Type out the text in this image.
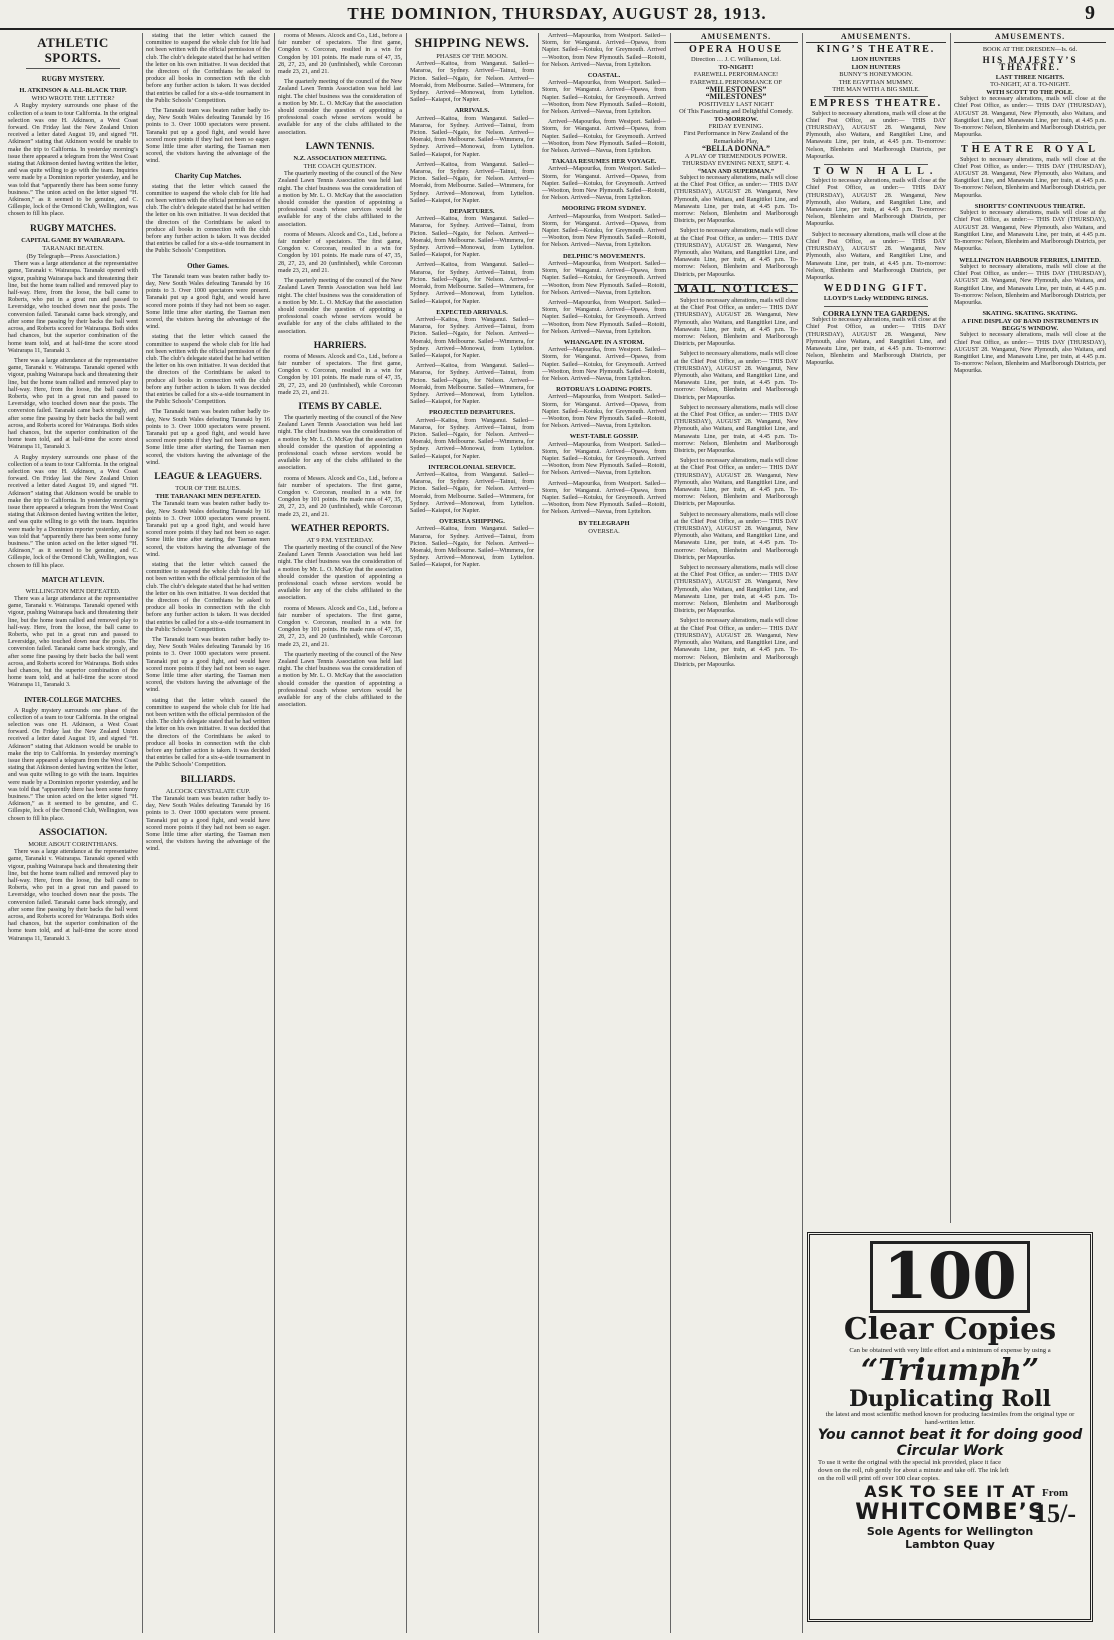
THE DOMINION, THURSDAY, AUGUST 28, 1913.	9
ATHLETIC SPORTS.
RUGBY MYSTERY.
H. ATKINSON & ALL-BLACK TRIP.
WHO WROTE THE LETTER?

A Rugby mystery surrounds one phase of the collection of a team to tour California. In the original selection was one H. Atkinson, a West Coast forward. On Friday last the New Zealand Union received a letter dated August 19, and signed “H. Atkinson” stating that Atkinson would be unable to make the trip to California. In yesterday morning’s issue there appeared a telegram from the West Coast stating that Atkinson denied having written the letter, and was quite willing to go with the team. Inquiries were made by a Dominion reporter yesterday, and he was told that “apparently there has been some funny business.” The union acted on the letter signed “H. Atkinson,” as it seemed to be genuine, and C. Gillespie, lock of the Ormond Club, Wellington, was chosen to fill his place.

RUGBY MATCHES.
CAPITAL GAME BY WAIRARAPA.
TARANAKI BEATEN.
(By Telegraph—Press Association.)

There was a large attendance at the representative game, Taranaki v. Wairarapa. Taranaki opened with vigour, pushing Wairarapa back and threatening their line, but the home team rallied and removed play to half-way. Here, from the loose, the ball came to Roberts, who put in a great run and passed to Leversidge, who touched down near the posts. The conversion failed. Taranaki came back strongly, and after some fine passing by their backs the ball went across, and Roberts scored for Wairarapa. Both sides had chances, but the superior combination of the home team told, and at half-time the score stood Wairarapa 11, Taranaki 3.

There was a large attendance at the representative game, Taranaki v. Wairarapa. Taranaki opened with vigour, pushing Wairarapa back and threatening their line, but the home team rallied and removed play to half-way. Here, from the loose, the ball came to Roberts, who put in a great run and passed to Leversidge, who touched down near the posts. The conversion failed. Taranaki came back strongly, and after some fine passing by their backs the ball went across, and Roberts scored for Wairarapa. Both sides had chances, but the superior combination of the home team told, and at half-time the score stood Wairarapa 11, Taranaki 3.

A Rugby mystery surrounds one phase of the collection of a team to tour California. In the original selection was one H. Atkinson, a West Coast forward. On Friday last the New Zealand Union received a letter dated August 19, and signed “H. Atkinson” stating that Atkinson would be unable to make the trip to California. In yesterday morning’s issue there appeared a telegram from the West Coast stating that Atkinson denied having written the letter, and was quite willing to go with the team. Inquiries were made by a Dominion reporter yesterday, and he was told that “apparently there has been some funny business.” The union acted on the letter signed “H. Atkinson,” as it seemed to be genuine, and C. Gillespie, lock of the Ormond Club, Wellington, was chosen to fill his place.

MATCH AT LEVIN.
WELLINGTON MEN DEFEATED.

There was a large attendance at the representative game, Taranaki v. Wairarapa. Taranaki opened with vigour, pushing Wairarapa back and threatening their line, but the home team rallied and removed play to half-way. Here, from the loose, the ball came to Roberts, who put in a great run and passed to Leversidge, who touched down near the posts. The conversion failed. Taranaki came back strongly, and after some fine passing by their backs the ball went across, and Roberts scored for Wairarapa. Both sides had chances, but the superior combination of the home team told, and at half-time the score stood Wairarapa 11, Taranaki 3.

INTER-COLLEGE MATCHES.

A Rugby mystery surrounds one phase of the collection of a team to tour California. In the original selection was one H. Atkinson, a West Coast forward. On Friday last the New Zealand Union received a letter dated August 19, and signed “H. Atkinson” stating that Atkinson would be unable to make the trip to California. In yesterday morning’s issue there appeared a telegram from the West Coast stating that Atkinson denied having written the letter, and was quite willing to go with the team. Inquiries were made by a Dominion reporter yesterday, and he was told that “apparently there has been some funny business.” The union acted on the letter signed “H. Atkinson,” as it seemed to be genuine, and C. Gillespie, lock of the Ormond Club, Wellington, was chosen to fill his place.

ASSOCIATION.
MORE ABOUT CORINTHIANS.

There was a large attendance at the representative game, Taranaki v. Wairarapa. Taranaki opened with vigour, pushing Wairarapa back and threatening their line, but the home team rallied and removed play to half-way. Here, from the loose, the ball came to Roberts, who put in a great run and passed to Leversidge, who touched down near the posts. The conversion failed. Taranaki came back strongly, and after some fine passing by their backs the ball went across, and Roberts scored for Wairarapa. Both sides had chances, but the superior combination of the home team told, and at half-time the score stood Wairarapa 11, Taranaki 3.

stating that the letter which caused the committee to suspend the whole club for life had not been written with the official permission of the club. The club’s delegate stated that he had written the letter on his own initiative. It was decided that the directors of the Corinthians be asked to produce all books in connection with the club before any further action is taken. It was decided that entries be called for a six-a-side tournament in the Public Schools’ Competition.

The Taranaki team was beaten rather badly to-day, New South Wales defeating Taranaki by 16 points to 3. Over 1000 spectators were present. Taranaki put up a good fight, and would have scored more points if they had not been so eager. Some little time after starting, the Tasman men scored, the visitors having the advantage of the wind.

Charity Cup Matches.

stating that the letter which caused the committee to suspend the whole club for life had not been written with the official permission of the club. The club’s delegate stated that he had written the letter on his own initiative. It was decided that the directors of the Corinthians be asked to produce all books in connection with the club before any further action is taken. It was decided that entries be called for a six-a-side tournament in the Public Schools’ Competition.

Other Games.

The Taranaki team was beaten rather badly to-day, New South Wales defeating Taranaki by 16 points to 3. Over 1000 spectators were present. Taranaki put up a good fight, and would have scored more points if they had not been so eager. Some little time after starting, the Tasman men scored, the visitors having the advantage of the wind.

stating that the letter which caused the committee to suspend the whole club for life had not been written with the official permission of the club. The club’s delegate stated that he had written the letter on his own initiative. It was decided that the directors of the Corinthians be asked to produce all books in connection with the club before any further action is taken. It was decided that entries be called for a six-a-side tournament in the Public Schools’ Competition.

The Taranaki team was beaten rather badly to-day, New South Wales defeating Taranaki by 16 points to 3. Over 1000 spectators were present. Taranaki put up a good fight, and would have scored more points if they had not been so eager. Some little time after starting, the Tasman men scored, the visitors having the advantage of the wind.

LEAGUE & LEAGUERS.
TOUR OF THE BLUES.
THE TARANAKI MEN DEFEATED.

The Taranaki team was beaten rather badly to-day, New South Wales defeating Taranaki by 16 points to 3. Over 1000 spectators were present. Taranaki put up a good fight, and would have scored more points if they had not been so eager. Some little time after starting, the Tasman men scored, the visitors having the advantage of the wind.

stating that the letter which caused the committee to suspend the whole club for life had not been written with the official permission of the club. The club’s delegate stated that he had written the letter on his own initiative. It was decided that the directors of the Corinthians be asked to produce all books in connection with the club before any further action is taken. It was decided that entries be called for a six-a-side tournament in the Public Schools’ Competition.

The Taranaki team was beaten rather badly to-day, New South Wales defeating Taranaki by 16 points to 3. Over 1000 spectators were present. Taranaki put up a good fight, and would have scored more points if they had not been so eager. Some little time after starting, the Tasman men scored, the visitors having the advantage of the wind.

stating that the letter which caused the committee to suspend the whole club for life had not been written with the official permission of the club. The club’s delegate stated that he had written the letter on his own initiative. It was decided that the directors of the Corinthians be asked to produce all books in connection with the club before any further action is taken. It was decided that entries be called for a six-a-side tournament in the Public Schools’ Competition.

BILLIARDS.
ALCOCK CRYSTALATE CUP.

The Taranaki team was beaten rather badly to-day, New South Wales defeating Taranaki by 16 points to 3. Over 1000 spectators were present. Taranaki put up a good fight, and would have scored more points if they had not been so eager. Some little time after starting, the Tasman men scored, the visitors having the advantage of the wind.

rooms of Messrs. Alcock and Co., Ltd., before a fair number of spectators. The first game, Congdon v. Corcoran, resulted in a win for Congdon by 101 points. He made runs of 47, 35, 28, 27, 23, and 20 (unfinished), while Corcoran made 23, 21, and 21.

The quarterly meeting of the council of the New Zealand Lawn Tennis Association was held last night. The chief business was the consideration of a motion by Mr. L. O. McKay that the association should consider the question of appointing a professional coach whose services would be available for any of the clubs affiliated to the association.

LAWN TENNIS.
N.Z. ASSOCIATION MEETING.
THE COACH QUESTION.

The quarterly meeting of the council of the New Zealand Lawn Tennis Association was held last night. The chief business was the consideration of a motion by Mr. L. O. McKay that the association should consider the question of appointing a professional coach whose services would be available for any of the clubs affiliated to the association.

rooms of Messrs. Alcock and Co., Ltd., before a fair number of spectators. The first game, Congdon v. Corcoran, resulted in a win for Congdon by 101 points. He made runs of 47, 35, 28, 27, 23, and 20 (unfinished), while Corcoran made 23, 21, and 21.

The quarterly meeting of the council of the New Zealand Lawn Tennis Association was held last night. The chief business was the consideration of a motion by Mr. L. O. McKay that the association should consider the question of appointing a professional coach whose services would be available for any of the clubs affiliated to the association.

HARRIERS.

rooms of Messrs. Alcock and Co., Ltd., before a fair number of spectators. The first game, Congdon v. Corcoran, resulted in a win for Congdon by 101 points. He made runs of 47, 35, 28, 27, 23, and 20 (unfinished), while Corcoran made 23, 21, and 21.

ITEMS BY CABLE.

The quarterly meeting of the council of the New Zealand Lawn Tennis Association was held last night. The chief business was the consideration of a motion by Mr. L. O. McKay that the association should consider the question of appointing a professional coach whose services would be available for any of the clubs affiliated to the association.

rooms of Messrs. Alcock and Co., Ltd., before a fair number of spectators. The first game, Congdon v. Corcoran, resulted in a win for Congdon by 101 points. He made runs of 47, 35, 28, 27, 23, and 20 (unfinished), while Corcoran made 23, 21, and 21.

WEATHER REPORTS.
AT 9 P.M. YESTERDAY.

The quarterly meeting of the council of the New Zealand Lawn Tennis Association was held last night. The chief business was the consideration of a motion by Mr. L. O. McKay that the association should consider the question of appointing a professional coach whose services would be available for any of the clubs affiliated to the association.

rooms of Messrs. Alcock and Co., Ltd., before a fair number of spectators. The first game, Congdon v. Corcoran, resulted in a win for Congdon by 101 points. He made runs of 47, 35, 28, 27, 23, and 20 (unfinished), while Corcoran made 23, 21, and 21.

The quarterly meeting of the council of the New Zealand Lawn Tennis Association was held last night. The chief business was the consideration of a motion by Mr. L. O. McKay that the association should consider the question of appointing a professional coach whose services would be available for any of the clubs affiliated to the association.

SHIPPING NEWS.
PHASES OF THE MOON.

Arrived—Kaitoa, from Wanganui. Sailed—Mararoa, for Sydney. Arrived—Tainui, from Picton. Sailed—Ngaio, for Nelson. Arrived—Moeraki, from Melbourne. Sailed—Wimmera, for Sydney. Arrived—Monowai, from Lyttelton. Sailed—Kaiapoi, for Napier.

ARRIVALS.

Arrived—Kaitoa, from Wanganui. Sailed—Mararoa, for Sydney. Arrived—Tainui, from Picton. Sailed—Ngaio, for Nelson. Arrived—Moeraki, from Melbourne. Sailed—Wimmera, for Sydney. Arrived—Monowai, from Lyttelton. Sailed—Kaiapoi, for Napier.

Arrived—Kaitoa, from Wanganui. Sailed—Mararoa, for Sydney. Arrived—Tainui, from Picton. Sailed—Ngaio, for Nelson. Arrived—Moeraki, from Melbourne. Sailed—Wimmera, for Sydney. Arrived—Monowai, from Lyttelton. Sailed—Kaiapoi, for Napier.

DEPARTURES.

Arrived—Kaitoa, from Wanganui. Sailed—Mararoa, for Sydney. Arrived—Tainui, from Picton. Sailed—Ngaio, for Nelson. Arrived—Moeraki, from Melbourne. Sailed—Wimmera, for Sydney. Arrived—Monowai, from Lyttelton. Sailed—Kaiapoi, for Napier.

Arrived—Kaitoa, from Wanganui. Sailed—Mararoa, for Sydney. Arrived—Tainui, from Picton. Sailed—Ngaio, for Nelson. Arrived—Moeraki, from Melbourne. Sailed—Wimmera, for Sydney. Arrived—Monowai, from Lyttelton. Sailed—Kaiapoi, for Napier.

EXPECTED ARRIVALS.

Arrived—Kaitoa, from Wanganui. Sailed—Mararoa, for Sydney. Arrived—Tainui, from Picton. Sailed—Ngaio, for Nelson. Arrived—Moeraki, from Melbourne. Sailed—Wimmera, for Sydney. Arrived—Monowai, from Lyttelton. Sailed—Kaiapoi, for Napier.

Arrived—Kaitoa, from Wanganui. Sailed—Mararoa, for Sydney. Arrived—Tainui, from Picton. Sailed—Ngaio, for Nelson. Arrived—Moeraki, from Melbourne. Sailed—Wimmera, for Sydney. Arrived—Monowai, from Lyttelton. Sailed—Kaiapoi, for Napier.

PROJECTED DEPARTURES.

Arrived—Kaitoa, from Wanganui. Sailed—Mararoa, for Sydney. Arrived—Tainui, from Picton. Sailed—Ngaio, for Nelson. Arrived—Moeraki, from Melbourne. Sailed—Wimmera, for Sydney. Arrived—Monowai, from Lyttelton. Sailed—Kaiapoi, for Napier.

INTERCOLONIAL SERVICE.

Arrived—Kaitoa, from Wanganui. Sailed—Mararoa, for Sydney. Arrived—Tainui, from Picton. Sailed—Ngaio, for Nelson. Arrived—Moeraki, from Melbourne. Sailed—Wimmera, for Sydney. Arrived—Monowai, from Lyttelton. Sailed—Kaiapoi, for Napier.

OVERSEA SHIPPING.

Arrived—Kaitoa, from Wanganui. Sailed—Mararoa, for Sydney. Arrived—Tainui, from Picton. Sailed—Ngaio, for Nelson. Arrived—Moeraki, from Melbourne. Sailed—Wimmera, for Sydney. Arrived—Monowai, from Lyttelton. Sailed—Kaiapoi, for Napier.

Arrived—Mapourika, from Westport. Sailed—Storm, for Wanganui. Arrived—Opawa, from Napier. Sailed—Kotuku, for Greymouth. Arrived—Wootton, from New Plymouth. Sailed—Rotoiti, for Nelson. Arrived—Navua, from Lyttelton.

COASTAL.

Arrived—Mapourika, from Westport. Sailed—Storm, for Wanganui. Arrived—Opawa, from Napier. Sailed—Kotuku, for Greymouth. Arrived—Wootton, from New Plymouth. Sailed—Rotoiti, for Nelson. Arrived—Navua, from Lyttelton.

Arrived—Mapourika, from Westport. Sailed—Storm, for Wanganui. Arrived—Opawa, from Napier. Sailed—Kotuku, for Greymouth. Arrived—Wootton, from New Plymouth. Sailed—Rotoiti, for Nelson. Arrived—Navua, from Lyttelton.

TAKAIA RESUMES HER VOYAGE.

Arrived—Mapourika, from Westport. Sailed—Storm, for Wanganui. Arrived—Opawa, from Napier. Sailed—Kotuku, for Greymouth. Arrived—Wootton, from New Plymouth. Sailed—Rotoiti, for Nelson. Arrived—Navua, from Lyttelton.

MOORING FROM SYDNEY.

Arrived—Mapourika, from Westport. Sailed—Storm, for Wanganui. Arrived—Opawa, from Napier. Sailed—Kotuku, for Greymouth. Arrived—Wootton, from New Plymouth. Sailed—Rotoiti, for Nelson. Arrived—Navua, from Lyttelton.

DELPHIC’S MOVEMENTS.

Arrived—Mapourika, from Westport. Sailed—Storm, for Wanganui. Arrived—Opawa, from Napier. Sailed—Kotuku, for Greymouth. Arrived—Wootton, from New Plymouth. Sailed—Rotoiti, for Nelson. Arrived—Navua, from Lyttelton.

Arrived—Mapourika, from Westport. Sailed—Storm, for Wanganui. Arrived—Opawa, from Napier. Sailed—Kotuku, for Greymouth. Arrived—Wootton, from New Plymouth. Sailed—Rotoiti, for Nelson. Arrived—Navua, from Lyttelton.

WHANGAPE IN A STORM.

Arrived—Mapourika, from Westport. Sailed—Storm, for Wanganui. Arrived—Opawa, from Napier. Sailed—Kotuku, for Greymouth. Arrived—Wootton, from New Plymouth. Sailed—Rotoiti, for Nelson. Arrived—Navua, from Lyttelton.

ROTORUA’S LOADING PORTS.

Arrived—Mapourika, from Westport. Sailed—Storm, for Wanganui. Arrived—Opawa, from Napier. Sailed—Kotuku, for Greymouth. Arrived—Wootton, from New Plymouth. Sailed—Rotoiti, for Nelson. Arrived—Navua, from Lyttelton.

WEST-TABLE GOSSIP.

Arrived—Mapourika, from Westport. Sailed—Storm, for Wanganui. Arrived—Opawa, from Napier. Sailed—Kotuku, for Greymouth. Arrived—Wootton, from New Plymouth. Sailed—Rotoiti, for Nelson. Arrived—Navua, from Lyttelton.

Arrived—Mapourika, from Westport. Sailed—Storm, for Wanganui. Arrived—Opawa, from Napier. Sailed—Kotuku, for Greymouth. Arrived—Wootton, from New Plymouth. Sailed—Rotoiti, for Nelson. Arrived—Navua, from Lyttelton.

BY TELEGRAPH
OVERSEA.
AMUSEMENTS.
OPERA HOUSE
Direction … J. C. Williamson, Ltd.
TO-NIGHT!
FAREWELL PERFORMANCE!
FAREWELL PERFORMANCE OF
“MILESTONES”
“MILESTONES”
POSITIVELY LAST NIGHT
Of This Fascinating and Delightful Comedy.
TO-MORROW.
FRIDAY EVENING.
First Performance in New Zealand of the Remarkable Play,
“BELLA DONNA.”
A PLAY OF TREMENDOUS POWER.
THURSDAY EVENING NEXT, SEPT. 4.
“MAN AND SUPERMAN.”

Subject to necessary alterations, mails will close at the Chief Post Office, as under:— THIS DAY (THURSDAY), AUGUST 28. Wanganui, New Plymouth, also Waitara, and Rangitikei Line, and Manawatu Line, per train, at 4.45 p.m. To-morrow: Nelson, Blenheim and Marlborough Districts, per Mapourika.

Subject to necessary alterations, mails will close at the Chief Post Office, as under:— THIS DAY (THURSDAY), AUGUST 28. Wanganui, New Plymouth, also Waitara, and Rangitikei Line, and Manawatu Line, per train, at 4.45 p.m. To-morrow: Nelson, Blenheim and Marlborough Districts, per Mapourika.

MAIL NOTICES.

Subject to necessary alterations, mails will close at the Chief Post Office, as under:— THIS DAY (THURSDAY), AUGUST 28. Wanganui, New Plymouth, also Waitara, and Rangitikei Line, and Manawatu Line, per train, at 4.45 p.m. To-morrow: Nelson, Blenheim and Marlborough Districts, per Mapourika.

Subject to necessary alterations, mails will close at the Chief Post Office, as under:— THIS DAY (THURSDAY), AUGUST 28. Wanganui, New Plymouth, also Waitara, and Rangitikei Line, and Manawatu Line, per train, at 4.45 p.m. To-morrow: Nelson, Blenheim and Marlborough Districts, per Mapourika.

Subject to necessary alterations, mails will close at the Chief Post Office, as under:— THIS DAY (THURSDAY), AUGUST 28. Wanganui, New Plymouth, also Waitara, and Rangitikei Line, and Manawatu Line, per train, at 4.45 p.m. To-morrow: Nelson, Blenheim and Marlborough Districts, per Mapourika.

Subject to necessary alterations, mails will close at the Chief Post Office, as under:— THIS DAY (THURSDAY), AUGUST 28. Wanganui, New Plymouth, also Waitara, and Rangitikei Line, and Manawatu Line, per train, at 4.45 p.m. To-morrow: Nelson, Blenheim and Marlborough Districts, per Mapourika.

Subject to necessary alterations, mails will close at the Chief Post Office, as under:— THIS DAY (THURSDAY), AUGUST 28. Wanganui, New Plymouth, also Waitara, and Rangitikei Line, and Manawatu Line, per train, at 4.45 p.m. To-morrow: Nelson, Blenheim and Marlborough Districts, per Mapourika.

Subject to necessary alterations, mails will close at the Chief Post Office, as under:— THIS DAY (THURSDAY), AUGUST 28. Wanganui, New Plymouth, also Waitara, and Rangitikei Line, and Manawatu Line, per train, at 4.45 p.m. To-morrow: Nelson, Blenheim and Marlborough Districts, per Mapourika.

Subject to necessary alterations, mails will close at the Chief Post Office, as under:— THIS DAY (THURSDAY), AUGUST 28. Wanganui, New Plymouth, also Waitara, and Rangitikei Line, and Manawatu Line, per train, at 4.45 p.m. To-morrow: Nelson, Blenheim and Marlborough Districts, per Mapourika.

AMUSEMENTS.
KING’S THEATRE.
LION HUNTERS
LION HUNTERS
BUNNY’S HONEYMOON.
THE EGYPTIAN MUMMY.
THE MAN WITH A BIG SMILE.
EMPRESS THEATRE.

Subject to necessary alterations, mails will close at the Chief Post Office, as under:— THIS DAY (THURSDAY), AUGUST 28. Wanganui, New Plymouth, also Waitara, and Rangitikei Line, and Manawatu Line, per train, at 4.45 p.m. To-morrow: Nelson, Blenheim and Marlborough Districts, per Mapourika.

TOWN HALL.

Subject to necessary alterations, mails will close at the Chief Post Office, as under:— THIS DAY (THURSDAY), AUGUST 28. Wanganui, New Plymouth, also Waitara, and Rangitikei Line, and Manawatu Line, per train, at 4.45 p.m. To-morrow: Nelson, Blenheim and Marlborough Districts, per Mapourika.

Subject to necessary alterations, mails will close at the Chief Post Office, as under:— THIS DAY (THURSDAY), AUGUST 28. Wanganui, New Plymouth, also Waitara, and Rangitikei Line, and Manawatu Line, per train, at 4.45 p.m. To-morrow: Nelson, Blenheim and Marlborough Districts, per Mapourika.

WEDDING GIFT.
LLOYD’S Lucky WEDDING RINGS.
CORRA LYNN TEA GARDENS.

Subject to necessary alterations, mails will close at the Chief Post Office, as under:— THIS DAY (THURSDAY), AUGUST 28. Wanganui, New Plymouth, also Waitara, and Rangitikei Line, and Manawatu Line, per train, at 4.45 p.m. To-morrow: Nelson, Blenheim and Marlborough Districts, per Mapourika.

AMUSEMENTS.
BOOK AT THE DRESDEN—Is. 6d.
HIS MAJESTY’S THEATRE.
LAST THREE NIGHTS.
TO-NIGHT, AT 8. TO-NIGHT.
WITH SCOTT TO THE POLE.

Subject to necessary alterations, mails will close at the Chief Post Office, as under:— THIS DAY (THURSDAY), AUGUST 28. Wanganui, New Plymouth, also Waitara, and Rangitikei Line, and Manawatu Line, per train, at 4.45 p.m. To-morrow: Nelson, Blenheim and Marlborough Districts, per Mapourika.

THEATRE ROYAL

Subject to necessary alterations, mails will close at the Chief Post Office, as under:— THIS DAY (THURSDAY), AUGUST 28. Wanganui, New Plymouth, also Waitara, and Rangitikei Line, and Manawatu Line, per train, at 4.45 p.m. To-morrow: Nelson, Blenheim and Marlborough Districts, per Mapourika.

SHORTTS’ CONTINUOUS THEATRE.

Subject to necessary alterations, mails will close at the Chief Post Office, as under:— THIS DAY (THURSDAY), AUGUST 28. Wanganui, New Plymouth, also Waitara, and Rangitikei Line, and Manawatu Line, per train, at 4.45 p.m. To-morrow: Nelson, Blenheim and Marlborough Districts, per Mapourika.

WELLINGTON HARBOUR FERRIES, LIMITED.

Subject to necessary alterations, mails will close at the Chief Post Office, as under:— THIS DAY (THURSDAY), AUGUST 28. Wanganui, New Plymouth, also Waitara, and Rangitikei Line, and Manawatu Line, per train, at 4.45 p.m. To-morrow: Nelson, Blenheim and Marlborough Districts, per Mapourika.

SKATING. SKATING. SKATING.
A FINE DISPLAY OF BAND INSTRUMENTS IN BEGG’S WINDOW.

Subject to necessary alterations, mails will close at the Chief Post Office, as under:— THIS DAY (THURSDAY), AUGUST 28. Wanganui, New Plymouth, also Waitara, and Rangitikei Line, and Manawatu Line, per train, at 4.45 p.m. To-morrow: Nelson, Blenheim and Marlborough Districts, per Mapourika.

100
Clear Copies
Can be obtained with very little effort and a minimum of expense by using a
“Triumph”
Duplicating Roll
the latest and most scientific method known for producing facsimiles from the original type or hand-written letter.
You cannot beat it for doing good Circular Work
To use it write the original with the special ink provided, place it face down on the roll, rub gently for about a minute and take off. The ink left on the roll will print off over 100 clear copies.
From
15/-
ASK TO SEE IT AT
WHITCOMBE’S
Sole Agents for Wellington
Lambton Quay
